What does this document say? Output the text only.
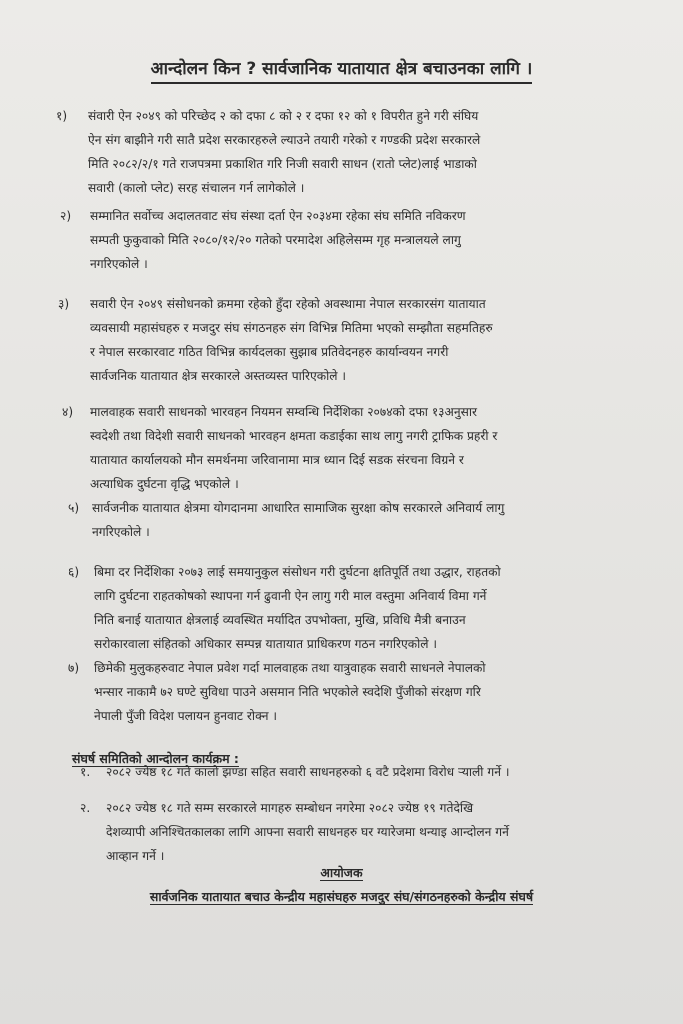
आन्दोलन किन ? सार्वजानिक यातायात क्षेत्र बचाउनका लागि ।
१) संवारी ऐन २०४९ को परिच्छेद २ को दफा ८ को २ र दफा १२ को १ विपरीत हुने गरी संघिय
ऐन संग बाझीने गरी सातै प्रदेश सरकारहरुले ल्याउने तयारी गरेको र गण्डकी प्रदेश सरकारले
मिति २०८२/२/१ गते राजपत्रमा प्रकाशित गरि निजी सवारी साधन (रातो प्लेट)लाई भाडाको
सवारी (कालो प्लेट) सरह संचालन गर्न लागेकोले ।
२) सम्मानित सर्वोच्च अदालतवाट संघ संस्था दर्ता ऐन २०३४मा रहेका संघ समिति नविकरण
सम्पती फुकुवाको मिति २०८०/१२/२० गतेको परमादेश अहिलेसम्म गृह मन्त्रालयले लागु
नगरिएकोले ।
३) सवारी ऐन २०४९ संसोधनको क्रममा रहेको हुँदा रहेको अवस्थामा नेपाल सरकारसंग यातायात
व्यवसायी महासंघहरु र मजदुर संघ संगठनहरु संग विभिन्न मितिमा भएको सम्झौता सहमतिहरु
र नेपाल सरकारवाट गठित विभिन्न कार्यदलका सुझाब प्रतिवेदनहरु कार्यान्वयन नगरी
सार्वजनिक यातायात क्षेत्र सरकारले अस्तव्यस्त पारिएकोले ।
४) मालवाहक सवारी साधनको भारवहन नियमन सम्वन्धि निर्देशिका २०७४को दफा १३अनुसार
स्वदेशी तथा विदेशी सवारी साधनको भारवहन क्षमता कडाईका साथ लागु नगरी ट्राफिक प्रहरी र
यातायात कार्यालयको मौन समर्थनमा जरिवानामा मात्र ध्यान दिई सडक संरचना विग्रने र
अत्याधिक दुर्घटना वृद्धि भएकोले ।
५) सार्वजनीक यातायात क्षेत्रमा योगदानमा आधारित सामाजिक सुरक्षा कोष सरकारले अनिवार्य लागु
नगरिएकोले ।
६) बिमा दर निर्देशिका २०७३ लाई समयानुकुल संसोधन गरी दुर्घटना क्षतिपूर्ति तथा उद्धार, राहतको
लागि दुर्घटना राहतकोषको स्थापना गर्न ढुवानी ऐन लागु गरी माल वस्तुमा अनिवार्य विमा गर्ने
निति बनाई यातायात क्षेत्रलाई व्यवस्थित मर्यादित उपभोक्ता, मुखि, प्रविधि मैत्री बनाउन
सरोकारवाला संहितको अधिकार सम्पन्न यातायात प्राधिकरण गठन नगरिएकोले ।
७) छिमेकी मुलुकहरुवाट नेपाल प्रवेश गर्दा मालवाहक तथा यात्रुवाहक सवारी साधनले नेपालको
भन्सार नाकामै ७२ घण्टे सुविधा पाउने असमान निति भएकोले स्वदेशि पुँजीको संरक्षण गरि
नेपाली पुँजी विदेश पलायन हुनवाट रोक्न ।
संघर्ष समितिको आन्दोलन कार्यक्रम :
१. २०८२ ज्येष्ठ १८ गते कालो झण्डा सहित सवारी साधनहरुको ६ वटै प्रदेशमा विरोध र्‍याली गर्ने ।
२. २०८२ ज्येष्ठ १८ गते सम्म सरकारले मागहरु सम्बोधन नगरेमा २०८२ ज्येष्ठ १९ गतेदेखि
देशव्यापी अनिश्चितकालका लागि आफ्ना सवारी साधनहरु घर ग्यारेजमा थन्याइ आन्दोलन गर्ने
आव्हान गर्ने ।
आयोजक
सार्वजनिक यातायात बचाउ केन्द्रीय महासंघहरु मजदुर संघ/संगठनहरुको केन्द्रीय संघर्ष
